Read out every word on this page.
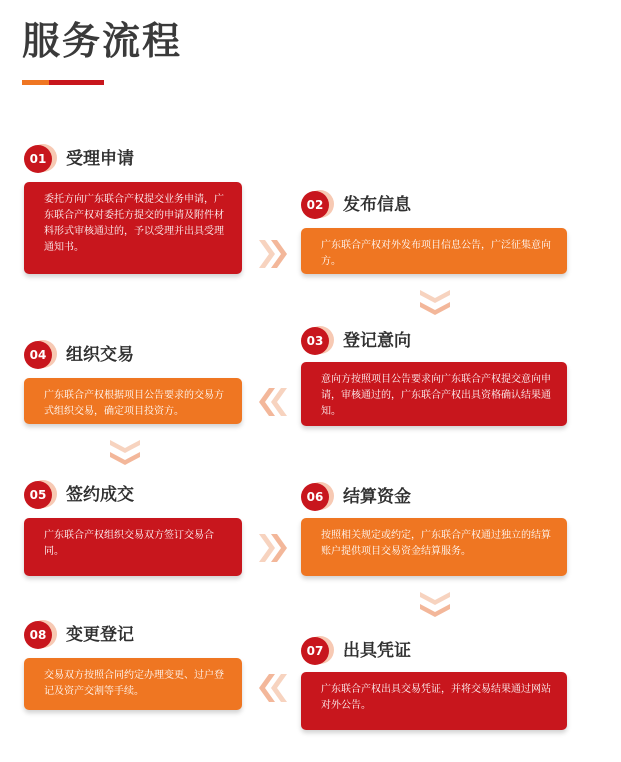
服务流程
01	受理申请
委托方向广东联合产权提交业务申请，广东联合产权对委托方提交的申请及附件材料形式审核通过的，予以受理并出具受理通知书。
02	发布信息
广东联合产权对外发布项目信息公告，广泛征集意向方。
03	登记意向
意向方按照项目公告要求向广东联合产权提交意向申请，审核通过的，广东联合产权出具资格确认结果通知。
04	组织交易
广东联合产权根据项目公告要求的交易方式组织交易，确定项目投资方。
05	签约成交
广东联合产权组织交易双方签订交易合同。
06	结算资金
按照相关规定或约定，广东联合产权通过独立的结算账户提供项目交易资金结算服务。
08	变更登记
交易双方按照合同约定办理变更、过户登记及资产交割等手续。
07	出具凭证
广东联合产权出具交易凭证，并将交易结果通过网站对外公告。
